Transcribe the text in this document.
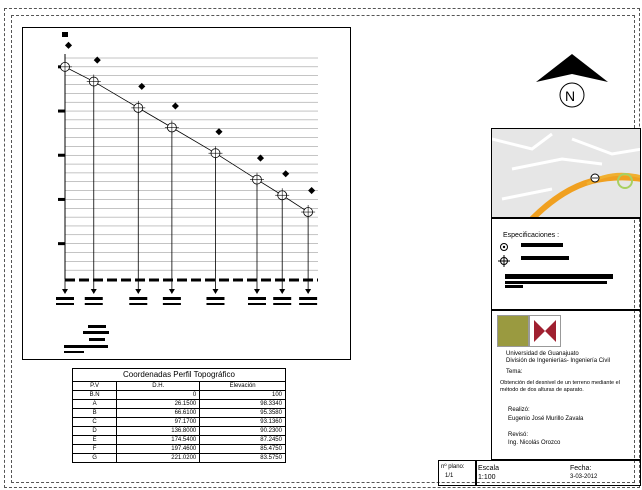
Coordenadas Perfil Topográfico		
P.V	D.H.	Elevación
B.N	0	100
A	26.1500	98.3340
B	66.6100	95.3580
C	97.1700	93.1360
D	136.8000	90.2300
E	174.5400	87.2450
F	197.4600	85.4750
G	221.0200	83.5750
N
Especificaciones :
Universidad de Guanajuato
División de Ingenierías- Ingeniería Civil
Tema:
Obtención del desnivel de un terreno mediante el método de dos alturas de aparato.
Realizó:
Eugenio José Murillo Zavala
Revisó:
Ing. Nicolás Orozco
nº plano:
1/1
Escala
1:100
Fecha:
3-03-2012
